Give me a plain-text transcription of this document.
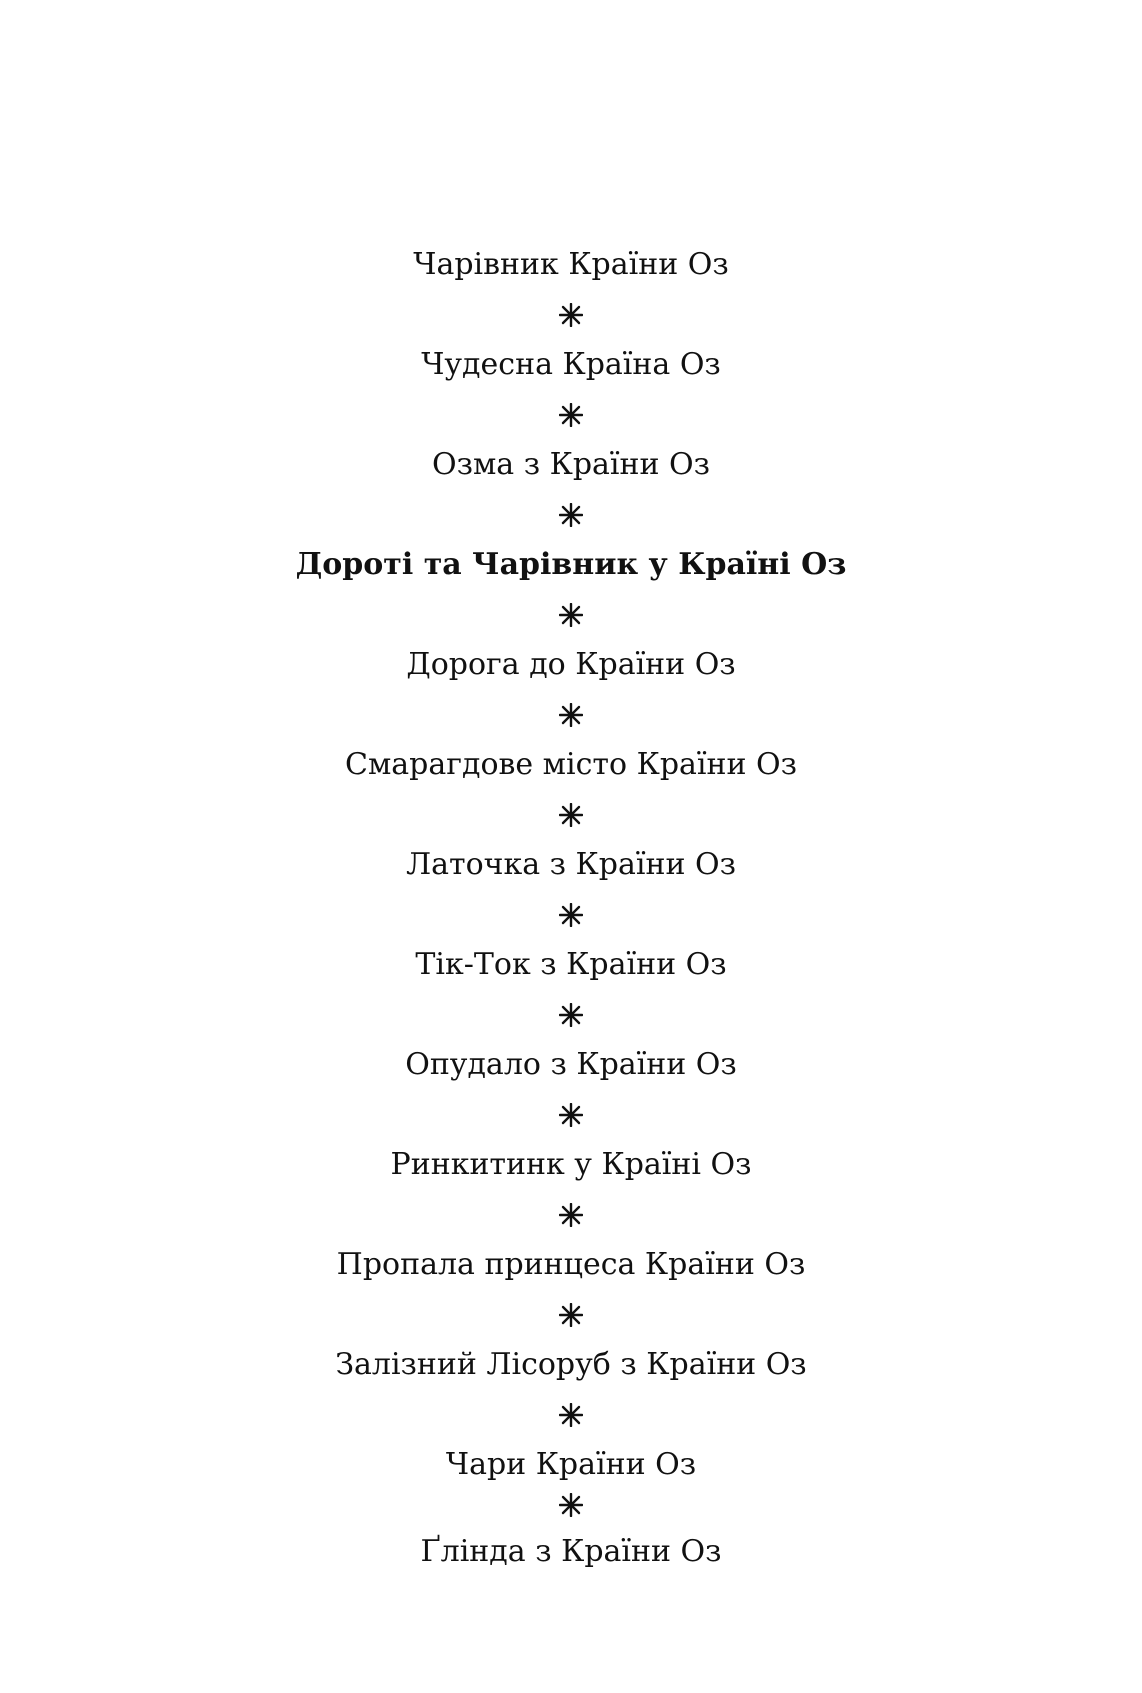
Чарівник Країни Оз
Чудесна Країна Оз
Озма з Країни Оз
Дороті та Чарівник у Країні Оз
Дорога до Країни Оз
Смарагдове місто Країни Оз
Латочка з Країни Оз
Тік-Ток з Країни Оз
Опудало з Країни Оз
Ринкитинк у Країні Оз
Пропала принцеса Країни Оз
Залізний Лісоруб з Країни Оз
Чари Країни Оз
Ґлінда з Країни Оз
